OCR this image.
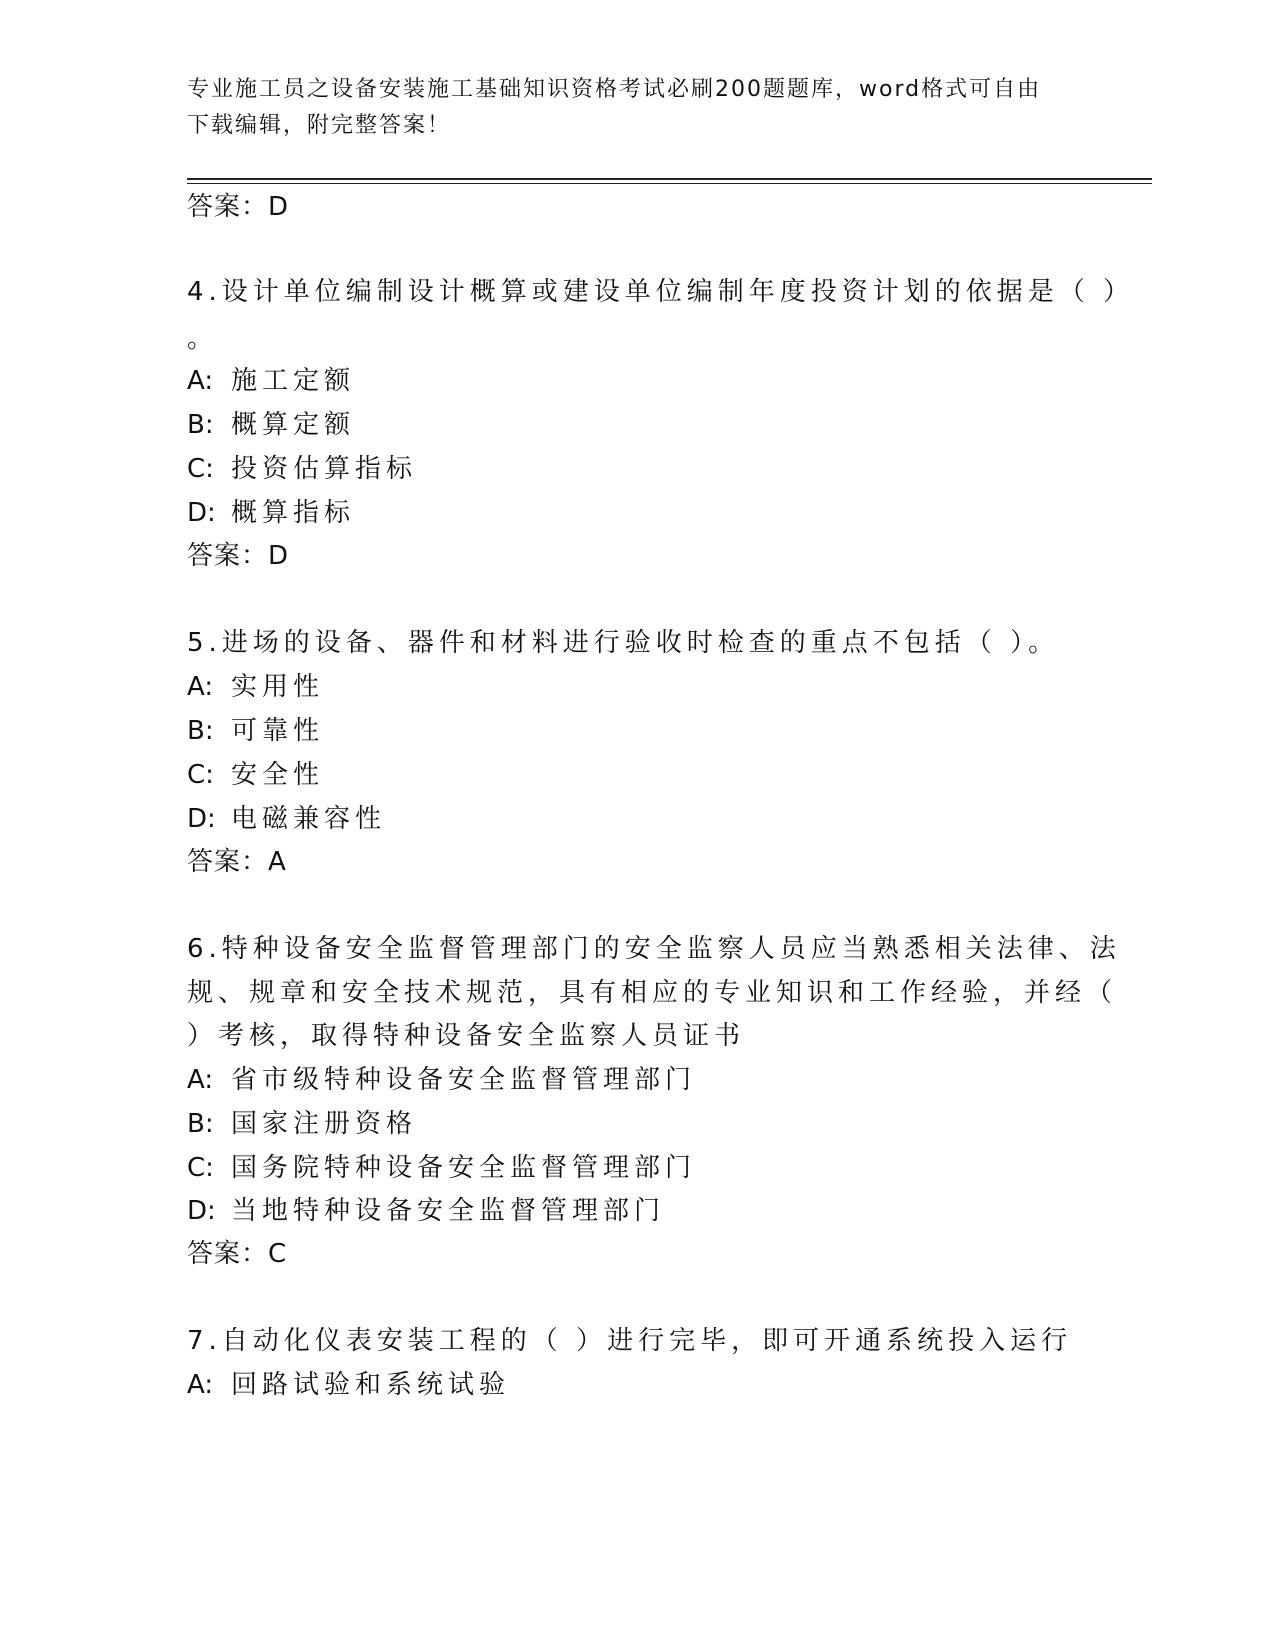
专业施工员之设备安装施工基础知识资格考试必刷200题题库，word格式可自由
下载编辑，附完整答案！
答案：D
4.设计单位编制设计概算或建设单位编制年度投资计划的依据是（ ）
。
A: 施工定额
B: 概算定额
C: 投资估算指标
D: 概算指标
答案：D
5.进场的设备、器件和材料进行验收时检查的重点不包括（ ）。
A: 实用性
B: 可靠性
C: 安全性
D: 电磁兼容性
答案：A
6.特种设备安全监督管理部门的安全监察人员应当熟悉相关法律、法
规、规章和安全技术规范，具有相应的专业知识和工作经验，并经（
）考核，取得特种设备安全监察人员证书
A: 省市级特种设备安全监督管理部门
B: 国家注册资格
C: 国务院特种设备安全监督管理部门
D: 当地特种设备安全监督管理部门
答案：C
7.自动化仪表安装工程的（ ）进行完毕，即可开通系统投入运行
A: 回路试验和系统试验
